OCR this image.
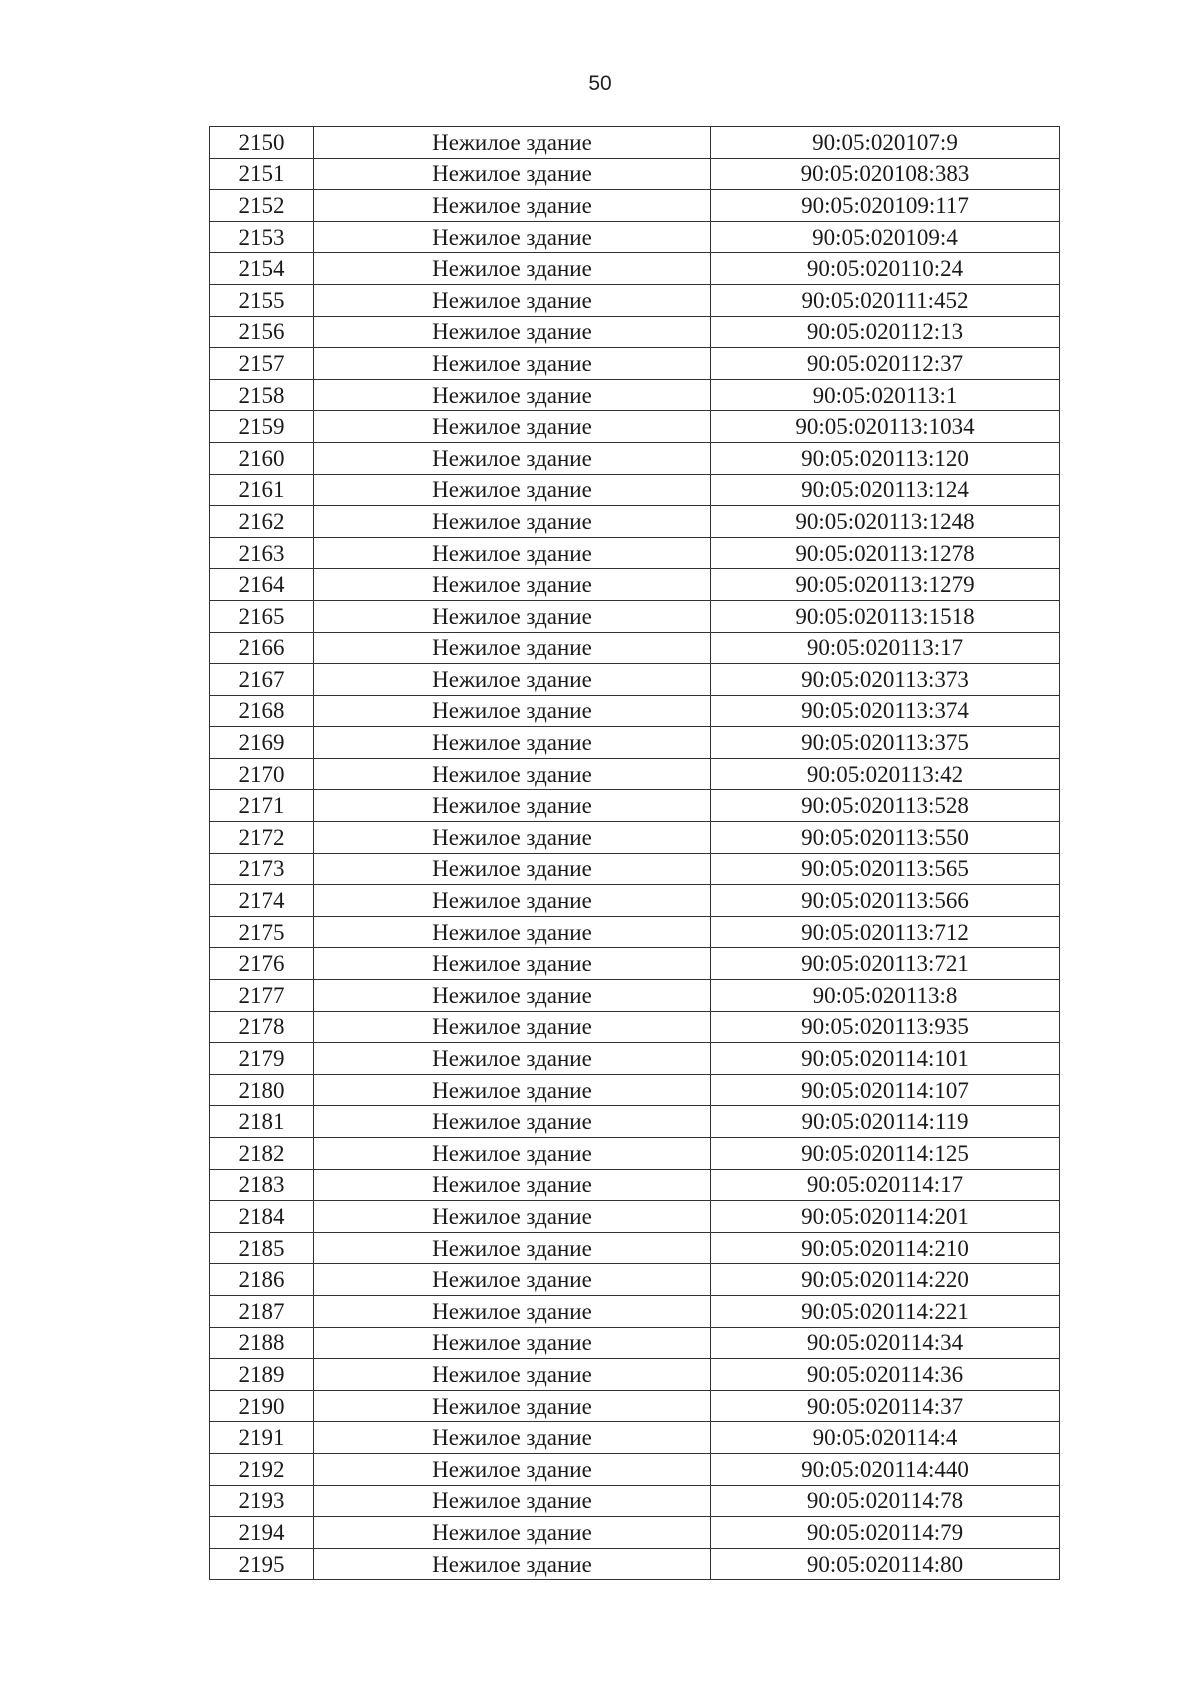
50
2150	Нежилое здание	90:05:020107:9
2151	Нежилое здание	90:05:020108:383
2152	Нежилое здание	90:05:020109:117
2153	Нежилое здание	90:05:020109:4
2154	Нежилое здание	90:05:020110:24
2155	Нежилое здание	90:05:020111:452
2156	Нежилое здание	90:05:020112:13
2157	Нежилое здание	90:05:020112:37
2158	Нежилое здание	90:05:020113:1
2159	Нежилое здание	90:05:020113:1034
2160	Нежилое здание	90:05:020113:120
2161	Нежилое здание	90:05:020113:124
2162	Нежилое здание	90:05:020113:1248
2163	Нежилое здание	90:05:020113:1278
2164	Нежилое здание	90:05:020113:1279
2165	Нежилое здание	90:05:020113:1518
2166	Нежилое здание	90:05:020113:17
2167	Нежилое здание	90:05:020113:373
2168	Нежилое здание	90:05:020113:374
2169	Нежилое здание	90:05:020113:375
2170	Нежилое здание	90:05:020113:42
2171	Нежилое здание	90:05:020113:528
2172	Нежилое здание	90:05:020113:550
2173	Нежилое здание	90:05:020113:565
2174	Нежилое здание	90:05:020113:566
2175	Нежилое здание	90:05:020113:712
2176	Нежилое здание	90:05:020113:721
2177	Нежилое здание	90:05:020113:8
2178	Нежилое здание	90:05:020113:935
2179	Нежилое здание	90:05:020114:101
2180	Нежилое здание	90:05:020114:107
2181	Нежилое здание	90:05:020114:119
2182	Нежилое здание	90:05:020114:125
2183	Нежилое здание	90:05:020114:17
2184	Нежилое здание	90:05:020114:201
2185	Нежилое здание	90:05:020114:210
2186	Нежилое здание	90:05:020114:220
2187	Нежилое здание	90:05:020114:221
2188	Нежилое здание	90:05:020114:34
2189	Нежилое здание	90:05:020114:36
2190	Нежилое здание	90:05:020114:37
2191	Нежилое здание	90:05:020114:4
2192	Нежилое здание	90:05:020114:440
2193	Нежилое здание	90:05:020114:78
2194	Нежилое здание	90:05:020114:79
2195	Нежилое здание	90:05:020114:80
